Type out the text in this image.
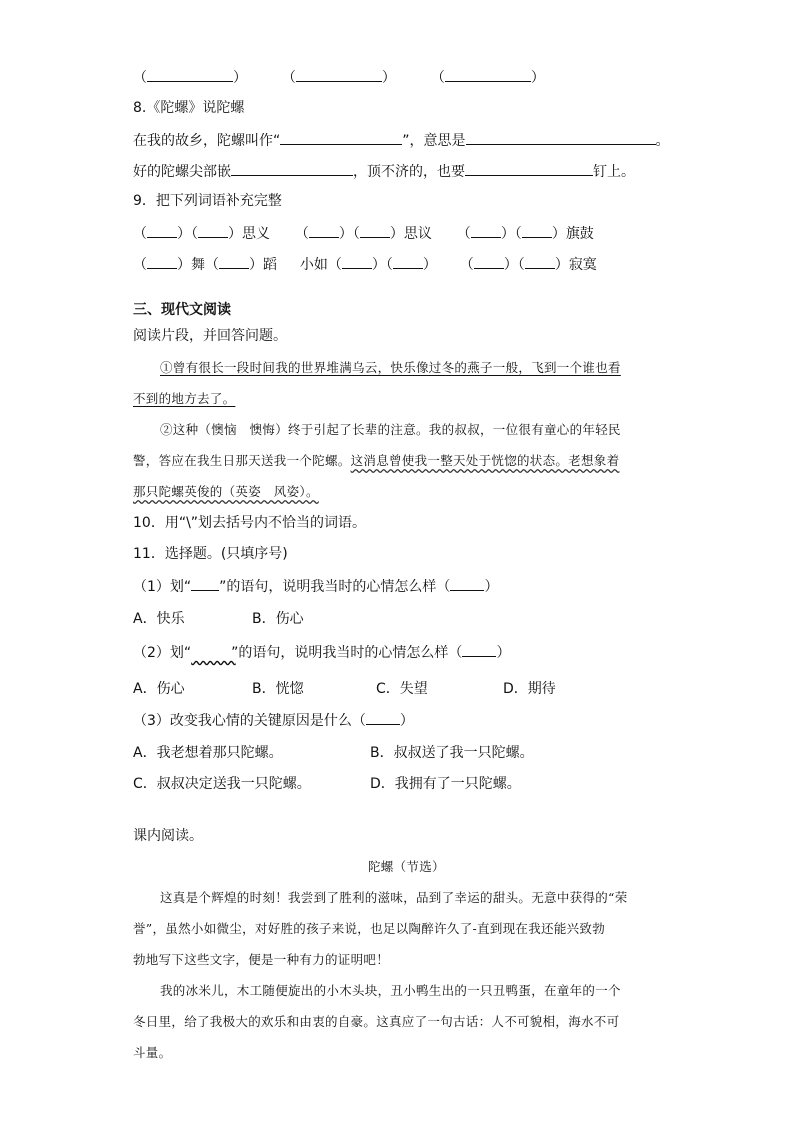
（	） （	） （	）
8.《陀螺》说陀螺
在我的故乡，陀螺叫作“	”，意思是	。
好的陀螺尖部嵌	，顶不济的，也要	钉上。
9．把下列词语补充完整
（ ）（ ）思义  （ ）（ ）思议  （ ）（ ）旗鼓
（ ）舞（ ）蹈 小如（ ）（ ）  （ ）（ ）寂寞
三、现代文阅读
阅读片段，并回答问题。
①曾有很长一段时间我的世界堆满乌云，快乐像过冬的燕子一般，飞到一个谁也看
不到的地方去了。
②这种（懊恼　懊悔）终于引起了长辈的注意。我的叔叔，一位很有童心的年轻民
警，答应在我生日那天送我一个陀螺。这消息曾使我一整天处于恍惚的状态。老想象着
那只陀螺英俊的（英姿　风姿）。
10．用“\”划去括号内不恰当的词语。
11．选择题。(只填序号)
（1）划“ ”的语句，说明我当时的心情怎么样（ ）
A．快乐	B．伤心
（2）划“​          ”的语句，说明我当时的心情怎么样（ ）
A．伤心	B．恍惚	C．失望	D．期待
（3）改变我心情的关键原因是什么（ ）
A．我老想着那只陀螺。	B．叔叔送了我一只陀螺。
C．叔叔决定送我一只陀螺。	D．我拥有了一只陀螺。
课内阅读。
陀螺（节选）
这真是个辉煌的时刻！我尝到了胜利的滋味，品到了幸运的甜头。无意中获得的“荣
誉”，虽然小如微尘，对好胜的孩子来说，也足以陶醉许久了-直到现在我还能兴致勃
勃地写下这些文字，便是一种有力的证明吧！
我的冰米儿，木工随便旋出的小木头块，丑小鸭生出的一只丑鸭蛋，在童年的一个
冬日里，给了我极大的欢乐和由衷的自豪。这真应了一句古话：人不可貌相，海水不可
斗量。
